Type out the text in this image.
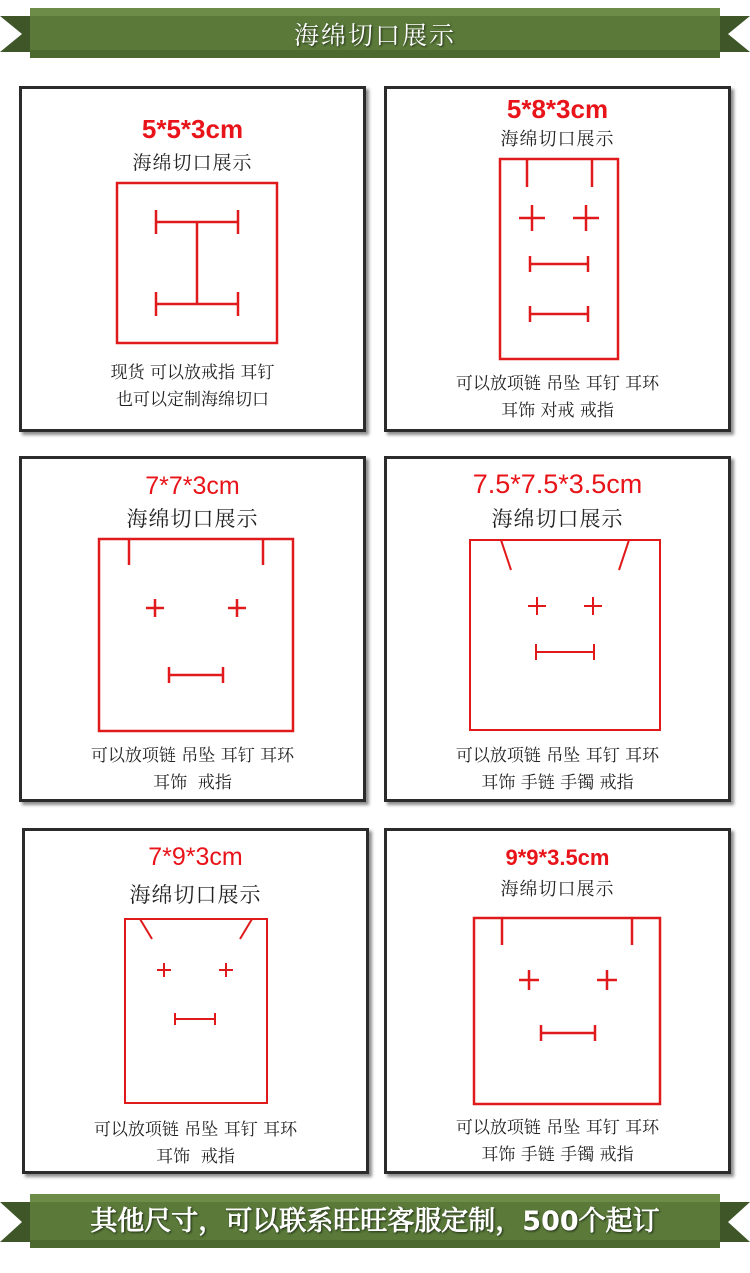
海绵切口展示
5*5*3cm
海绵切口展示
现货 可以放戒指 耳钉
也可以定制海绵切口
5*8*3cm
海绵切口展示
可以放项链 吊坠 耳钉 耳环
耳饰 对戒 戒指
7*7*3cm
海绵切口展示
可以放项链 吊坠 耳钉 耳环
耳饰  戒指
7.5*7.5*3.5cm
海绵切口展示
可以放项链 吊坠 耳钉 耳环
耳饰 手链 手镯 戒指
7*9*3cm
海绵切口展示
可以放项链 吊坠 耳钉 耳环
耳饰  戒指
9*9*3.5cm
海绵切口展示
可以放项链 吊坠 耳钉 耳环
耳饰 手链 手镯 戒指
其他尺寸，可以联系旺旺客服定制，500个起订
